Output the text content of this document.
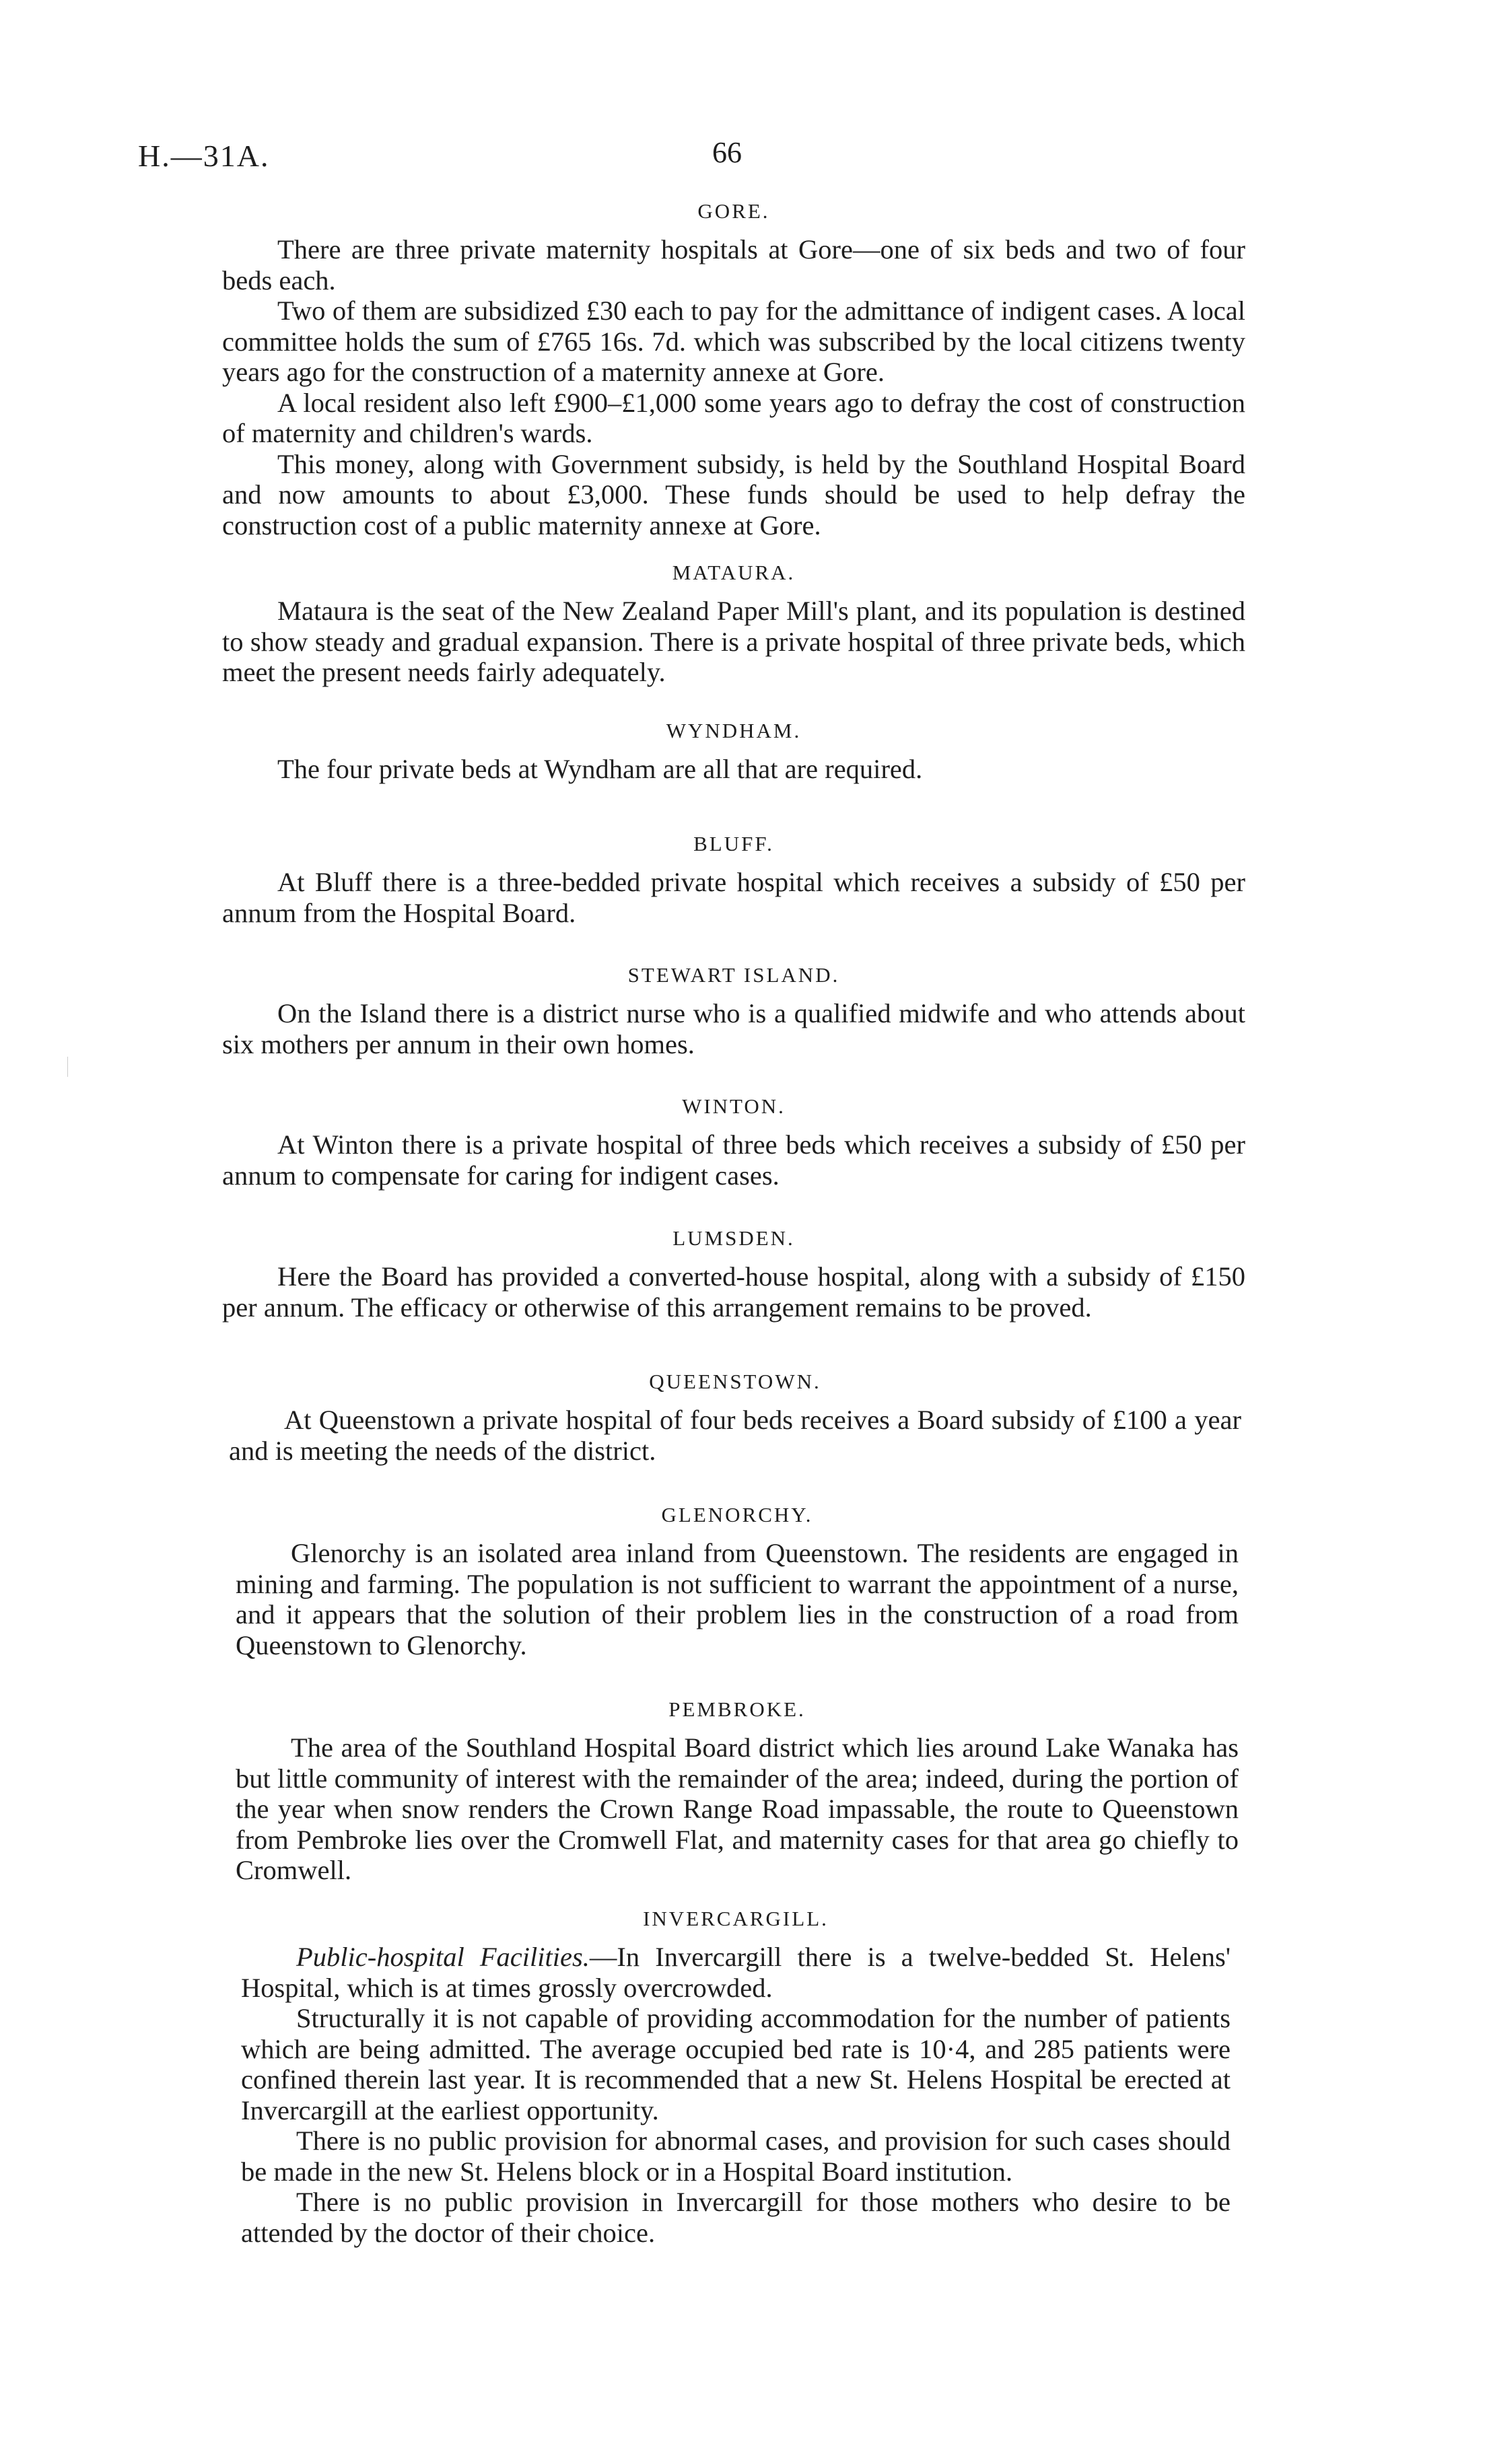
H.—31A.	66
GORE.

There are three private maternity hospitals at Gore—one of six beds and two of four beds each.

Two of them are subsidized £30 each to pay for the admittance of indigent cases. A local committee holds the sum of £765 16s. 7d. which was subscribed by the local citizens twenty years ago for the construction of a maternity annexe at Gore.

A local resident also left £900–£1,000 some years ago to defray the cost of construction of maternity and children's wards.

This money, along with Government subsidy, is held by the Southland Hospital Board and now amounts to about £3,000. These funds should be used to help defray the construction cost of a public maternity annexe at Gore.

MATAURA.

Mataura is the seat of the New Zealand Paper Mill's plant, and its population is destined to show steady and gradual expansion. There is a private hospital of three private beds, which meet the present needs fairly adequately.

WYNDHAM.

The four private beds at Wyndham are all that are required.

BLUFF.

At Bluff there is a three-bedded private hospital which receives a subsidy of £50 per annum from the Hospital Board.

STEWART ISLAND.

On the Island there is a district nurse who is a qualified midwife and who attends about six mothers per annum in their own homes.

WINTON.

At Winton there is a private hospital of three beds which receives a subsidy of £50 per annum to compensate for caring for indigent cases.

LUMSDEN.

Here the Board has provided a converted-house hospital, along with a subsidy of £150 per annum. The efficacy or otherwise of this arrangement remains to be proved.

QUEENSTOWN.

At Queenstown a private hospital of four beds receives a Board subsidy of £100 a year and is meeting the needs of the district.

GLENORCHY.

Glenorchy is an isolated area inland from Queenstown. The residents are engaged in mining and farming. The population is not sufficient to warrant the appointment of a nurse, and it appears that the solution of their problem lies in the construction of a road from Queenstown to Glenorchy.

PEMBROKE.

The area of the Southland Hospital Board district which lies around Lake Wanaka has but little community of interest with the remainder of the area; indeed, during the portion of the year when snow renders the Crown Range Road impassable, the route to Queenstown from Pembroke lies over the Cromwell Flat, and maternity cases for that area go chiefly to Cromwell.

INVERCARGILL.

Public-hospital Facilities.—In Invercargill there is a twelve-bedded St. Helens' Hospital, which is at times grossly overcrowded.

Structurally it is not capable of providing accommodation for the number of patients which are being admitted. The average occupied bed rate is 10·4, and 285 patients were confined therein last year. It is recommended that a new St. Helens Hospital be erected at Invercargill at the earliest opportunity.

There is no public provision for abnormal cases, and provision for such cases should be made in the new St. Helens block or in a Hospital Board institution.

There is no public provision in Invercargill for those mothers who desire to be attended by the doctor of their choice.
